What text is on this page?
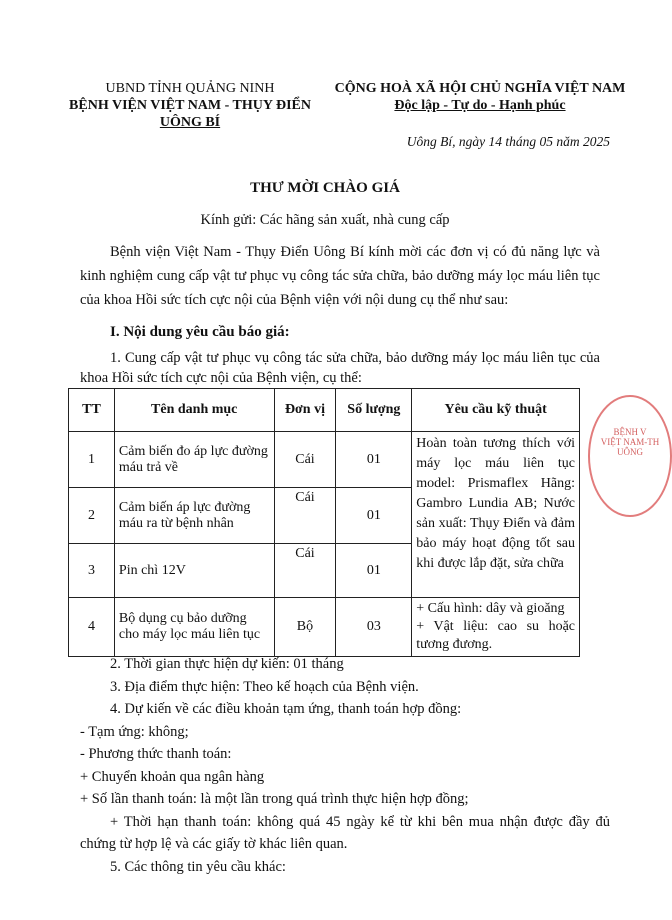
UBND TỈNH QUẢNG NINH
BỆNH VIỆN VIỆT NAM - THỤY ĐIỂN
UÔNG BÍ
CỘNG HOÀ XÃ HỘI CHỦ NGHĨA VIỆT NAM
Độc lập - Tự do - Hạnh phúc
Uông Bí, ngày 14 tháng 05 năm 2025
THƯ MỜI CHÀO GIÁ
Kính gửi: Các hãng sản xuất, nhà cung cấp
Bệnh viện Việt Nam - Thụy Điển Uông Bí kính mời các đơn vị có đủ năng lực và kinh nghiệm cung cấp vật tư phục vụ công tác sửa chữa, bảo dưỡng máy lọc máu liên tục của khoa Hồi sức tích cực nội của Bệnh viện với nội dung cụ thể như sau:
I. Nội dung yêu cầu báo giá:
1. Cung cấp vật tư phục vụ công tác sửa chữa, bảo dưỡng máy lọc máu liên tục của khoa Hồi sức tích cực nội của Bệnh viện, cụ thể:
TT	Tên danh mục	Đơn vị	Số lượng	Yêu cầu kỹ thuật
1	Cảm biến đo áp lực đường máu trả về	Cái	01	Hoàn toàn tương thích với máy lọc máu liên tục model: Prismaflex Hãng: Gambro Lundia AB; Nước sản xuất: Thụy Điển và đảm bảo máy hoạt động tốt sau khi được lắp đặt, sửa chữa
2	Cảm biến áp lực đường máu ra từ bệnh nhân	Cái	01	
3	Pin chì 12V	Cái	01	
4	Bộ dụng cụ bảo dưỡng cho máy lọc máu liên tục	Bộ	03	+ Cấu hình: dây và gioăng
+ Vật liệu: cao su hoặc tương đương.
BỆNH V
VIỆT NAM-TH
UÔNG
2. Thời gian thực hiện dự kiến: 01 tháng
3. Địa điểm thực hiện: Theo kế hoạch của Bệnh viện.
4. Dự kiến về các điều khoản tạm ứng, thanh toán hợp đồng:
- Tạm ứng: không;
- Phương thức thanh toán:
+ Chuyển khoản qua ngân hàng
+ Số lần thanh toán: là một lần trong quá trình thực hiện hợp đồng;
+ Thời hạn thanh toán: không quá 45 ngày kể từ khi bên mua nhận được đầy đủ chứng từ hợp lệ và các giấy tờ khác liên quan.
5. Các thông tin yêu cầu khác:
